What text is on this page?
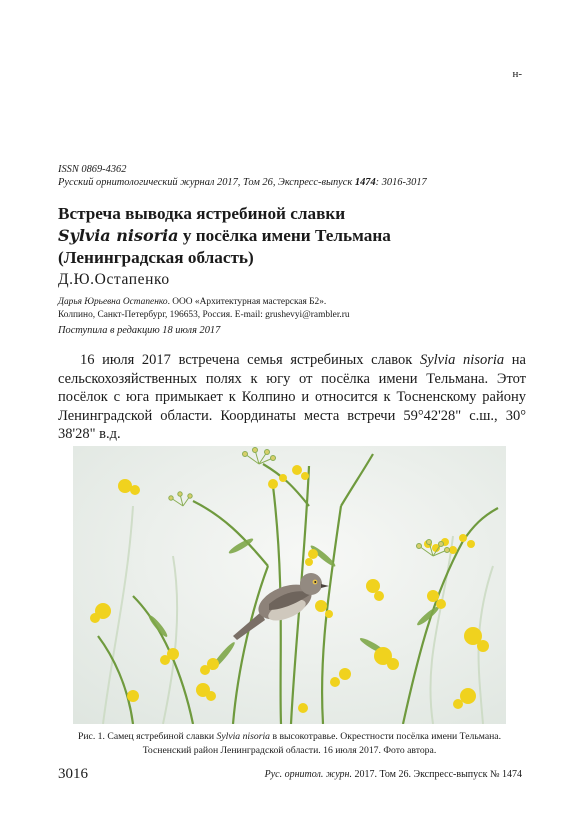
н-
ISSN 0869-4362
Русский орнитологический журнал 2017, Том 26, Экспресс-выпуск 1474: 3016-3017
Встреча выводка ястребиной славки
Sylvia nisoria у посёлка имени Тельмана
(Ленинградская область)
Д.Ю.Остапенко
Дарья Юрьевна Остапенко. ООО «Архитектурная мастерская Б2».
Колпино, Санкт-Петербург, 196653, Россия. E-mail: grushevyi@rambler.ru
Поступила в редакцию 18 июля 2017

16 июля 2017 встречена семья ястребиных славок Sylvia nisoria на сельскохозяйственных полях к югу от посёлка имени Тельмана. Этот посёлок с юга примыкает к Колпино и относится к Тосненскому району Ленинградской области. Координаты места встречи 59°42'28" с.ш., 30° 38'28" в.д.

Рис. 1. Самец ястребиной славки Sylvia nisoria в высокотравье. Окрестности посёлка имени Тельмана. Тосненский район Ленинградской области. 16 июля 2017. Фото автора.
3016	Рус. орнитол. журн. 2017. Том 26. Экспресс-выпуск № 1474
